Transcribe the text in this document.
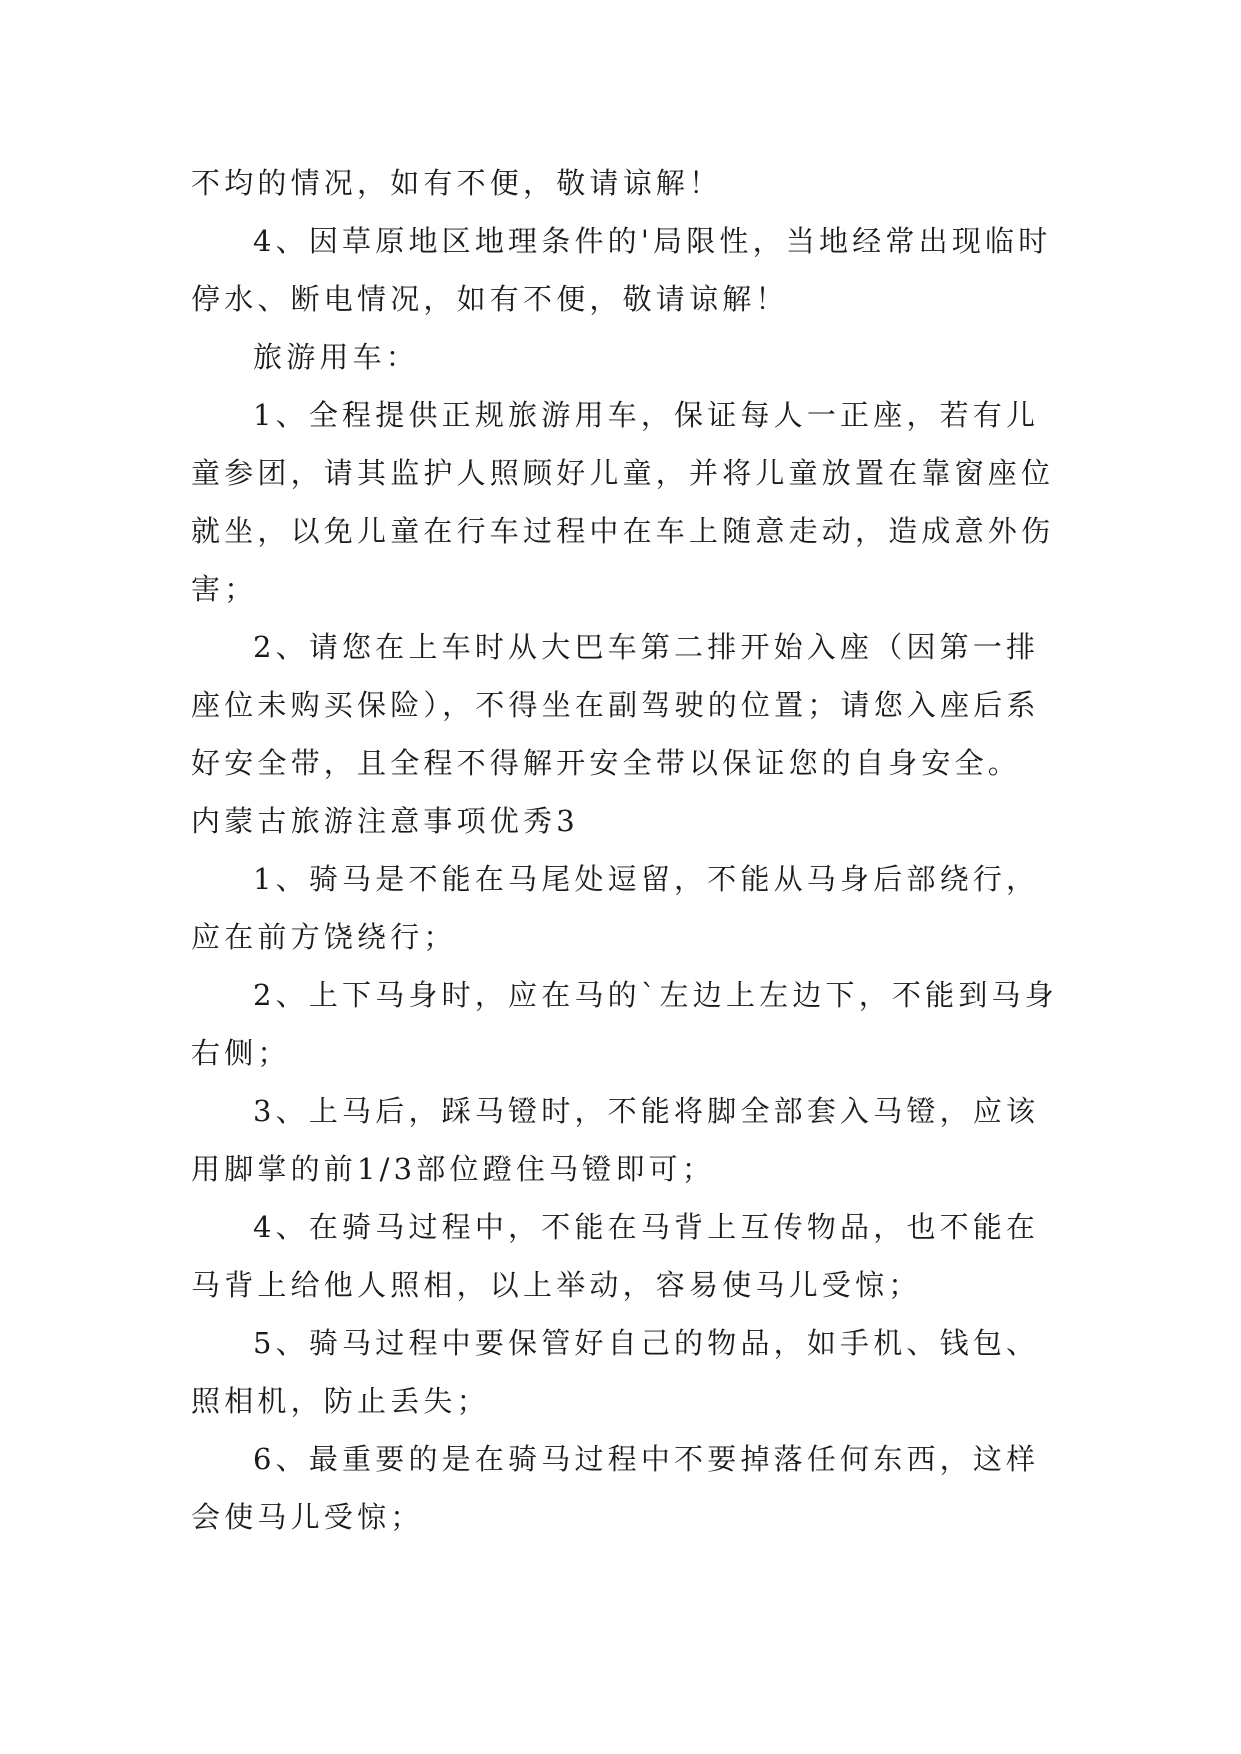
不均的情况，如有不便，敬请谅解！
4、因草原地区地理条件的'局限性，当地经常出现临时
停水、断电情况，如有不便，敬请谅解！
旅游用车：
1、全程提供正规旅游用车，保证每人一正座，若有儿
童参团，请其监护人照顾好儿童，并将儿童放置在靠窗座位
就坐，以免儿童在行车过程中在车上随意走动，造成意外伤
害；
2、请您在上车时从大巴车第二排开始入座（因第一排
座位未购买保险），不得坐在副驾驶的位置；请您入座后系
好安全带，且全程不得解开安全带以保证您的自身安全。
内蒙古旅游注意事项优秀3
1、骑马是不能在马尾处逗留，不能从马身后部绕行，
应在前方饶绕行；
2、上下马身时，应在马的`左边上左边下，不能到马身
右侧；
3、上马后，踩马镫时，不能将脚全部套入马镫，应该
用脚掌的前1/3部位蹬住马镫即可；
4、在骑马过程中，不能在马背上互传物品，也不能在
马背上给他人照相，以上举动，容易使马儿受惊；
5、骑马过程中要保管好自己的物品，如手机、钱包、
照相机，防止丢失；
6、最重要的是在骑马过程中不要掉落任何东西，这样
会使马儿受惊；
